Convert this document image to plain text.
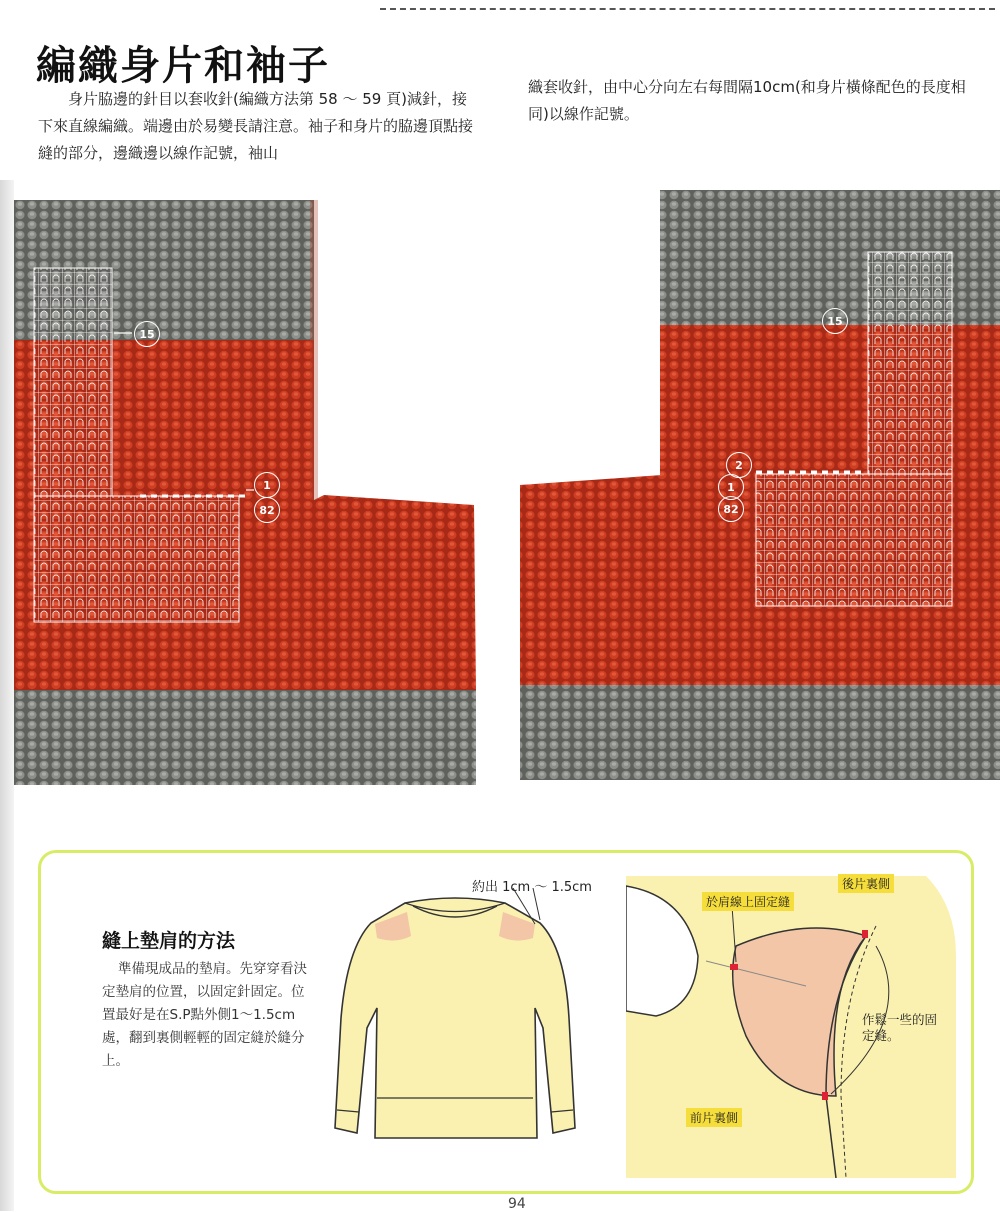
編織身片和袖子

身片脇邊的針目以套收針(編織方法第 58 ～ 59 頁)減針，接下來直線編織。端邊由於易變長請注意。袖子和身片的脇邊頂點接縫的部分，邊織邊以線作記號，袖山

織套收針，由中心分向左右每間隔10cm(和身片橫條配色的長度相同)以線作記號。

15
1
82
15
2
1
82
縫上墊肩的方法

準備現成品的墊肩。先穿穿看決定墊肩的位置，以固定針固定。位置最好是在S.P點外側1～1.5cm處，翻到裏側輕輕的固定縫於縫分上。

約出 1cm ～ 1.5cm
於肩線上固定縫
後片裏側
前片裏側
作鬆一些的固定縫。
94
